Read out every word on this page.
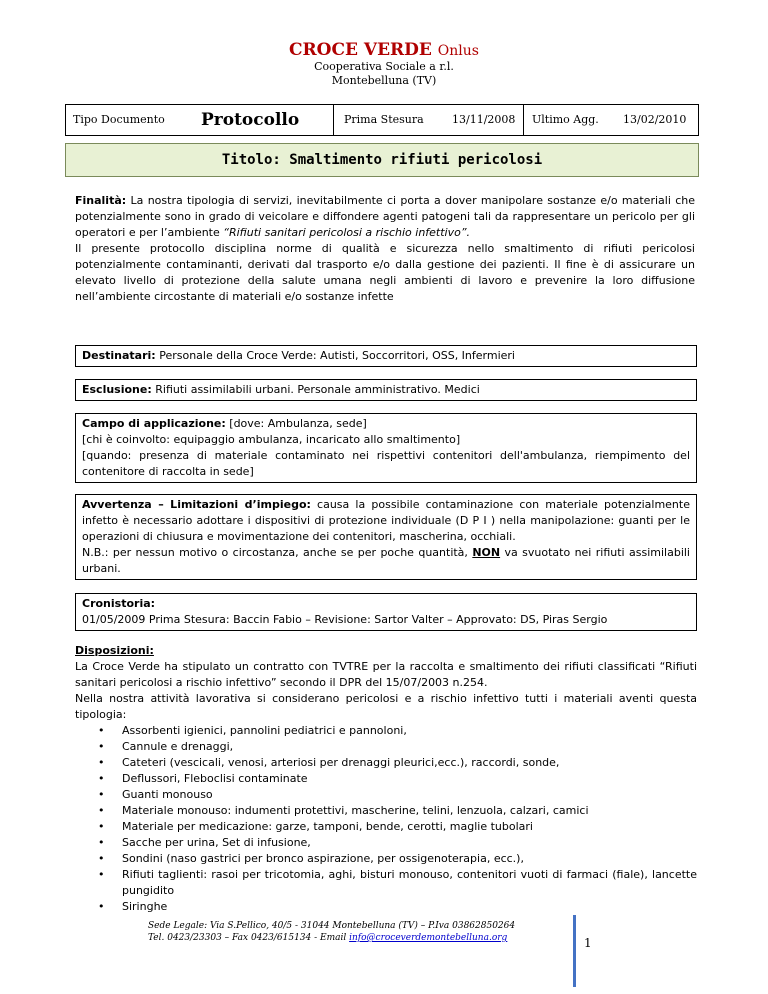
CROCE VERDE Onlus
Cooperativa Sociale a r.l.
Montebelluna (TV)
Tipo Documento Protocollo	Prima Stesura	13/11/2008 Ultimo Agg. 13/02/2010
Titolo: Smaltimento rifiuti pericolosi
Finalità: La nostra tipologia di servizi, inevitabilmente ci porta a dover manipolare sostanze e/o materiali che potenzialmente sono in grado di veicolare e diffondere agenti patogeni tali da rappresentare un pericolo per gli operatori e per l’ambiente “Rifiuti sanitari pericolosi a rischio infettivo”.
Il presente protocollo disciplina norme di qualità e sicurezza nello smaltimento di rifiuti pericolosi potenzialmente contaminanti, derivati dal trasporto e/o dalla gestione dei pazienti. Il fine è di assicurare un elevato livello di protezione della salute umana negli ambienti di lavoro e prevenire la loro diffusione nell’ambiente circostante di materiali e/o sostanze infette
Destinatari: Personale della Croce Verde: Autisti, Soccorritori, OSS, Infermieri
Esclusione: Rifiuti assimilabili urbani. Personale amministrativo. Medici
Campo di applicazione: [dove: Ambulanza, sede]
[chi è coinvolto: equipaggio ambulanza, incaricato allo smaltimento]
[quando: presenza di materiale contaminato nei rispettivi contenitori dell'ambulanza, riempimento del contenitore di raccolta in sede]
Avvertenza – Limitazioni d’impiego: causa la possibile contaminazione con materiale potenzialmente infetto è necessario adottare i dispositivi di protezione individuale (D P I ) nella manipolazione: guanti per le operazioni di chiusura e movimentazione dei contenitori, mascherina, occhiali.
N.B.: per nessun motivo o circostanza, anche se per poche quantità, NON va svuotato nei rifiuti assimilabili urbani.
Cronistoria:
01/05/2009 Prima Stesura: Baccin Fabio – Revisione: Sartor Valter – Approvato: DS, Piras Sergio
Disposizioni:
La Croce Verde ha stipulato un contratto con TVTRE per la raccolta e smaltimento dei rifiuti classificati “Rifiuti sanitari pericolosi a rischio infettivo” secondo il DPR del 15/07/2003 n.254.
Nella nostra attività lavorativa si considerano pericolosi e a rischio infettivo tutti i materiali aventi questa tipologia:
• Assorbenti igienici, pannolini pediatrici e pannoloni,
• Cannule e drenaggi,
• Cateteri (vescicali, venosi, arteriosi per drenaggi pleurici,ecc.), raccordi, sonde,
• Deflussori, Fleboclisi contaminate
• Guanti monouso
• Materiale monouso: indumenti protettivi, mascherine, telini, lenzuola, calzari, camici
• Materiale per medicazione: garze, tamponi, bende, cerotti, maglie tubolari
• Sacche per urina, Set di infusione,
• Sondini (naso gastrici per bronco aspirazione, per ossigenoterapia, ecc.),
• Rifiuti taglienti: rasoi per tricotomia, aghi, bisturi monouso, contenitori vuoti di farmaci (fiale), lancette pungidito
• Siringhe
Sede Legale: Via S.Pellico, 40/5 - 31044 Montebelluna (TV) – P.Iva 03862850264
Tel. 0423/23303 – Fax 0423/615134 - Email info@croceverdemontebelluna.org	1
